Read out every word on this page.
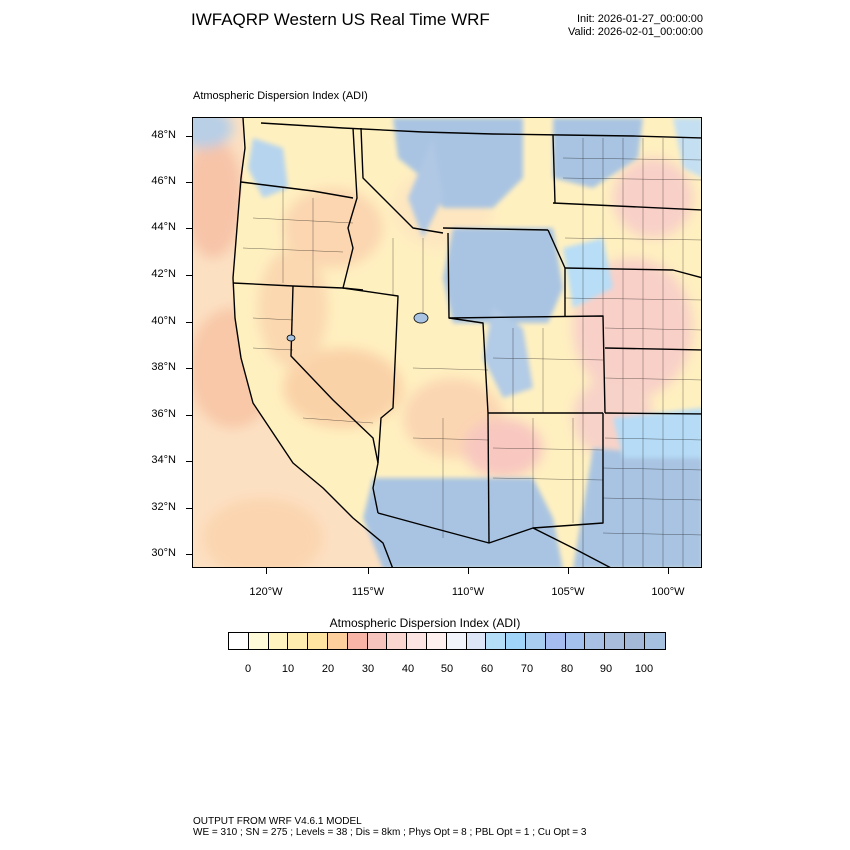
IWFAQRP Western US Real Time WRF	Init: 2026-01-27_00:00:00
Valid: 2026-02-01_00:00:00
Atmospheric Dispersion Index (ADI)
48°N
46°N
44°N
42°N
40°N
38°N
36°N
34°N
32°N
30°N
120°W	115°W	110°W	105°W	100°W
Atmospheric Dispersion Index (ADI)
0	10	20	30	40	50	60	70	80	90	100
OUTPUT FROM WRF V4.6.1 MODEL
WE = 310 ; SN = 275 ; Levels = 38 ; Dis = 8km ; Phys Opt = 8 ; PBL Opt = 1 ; Cu Opt = 3
